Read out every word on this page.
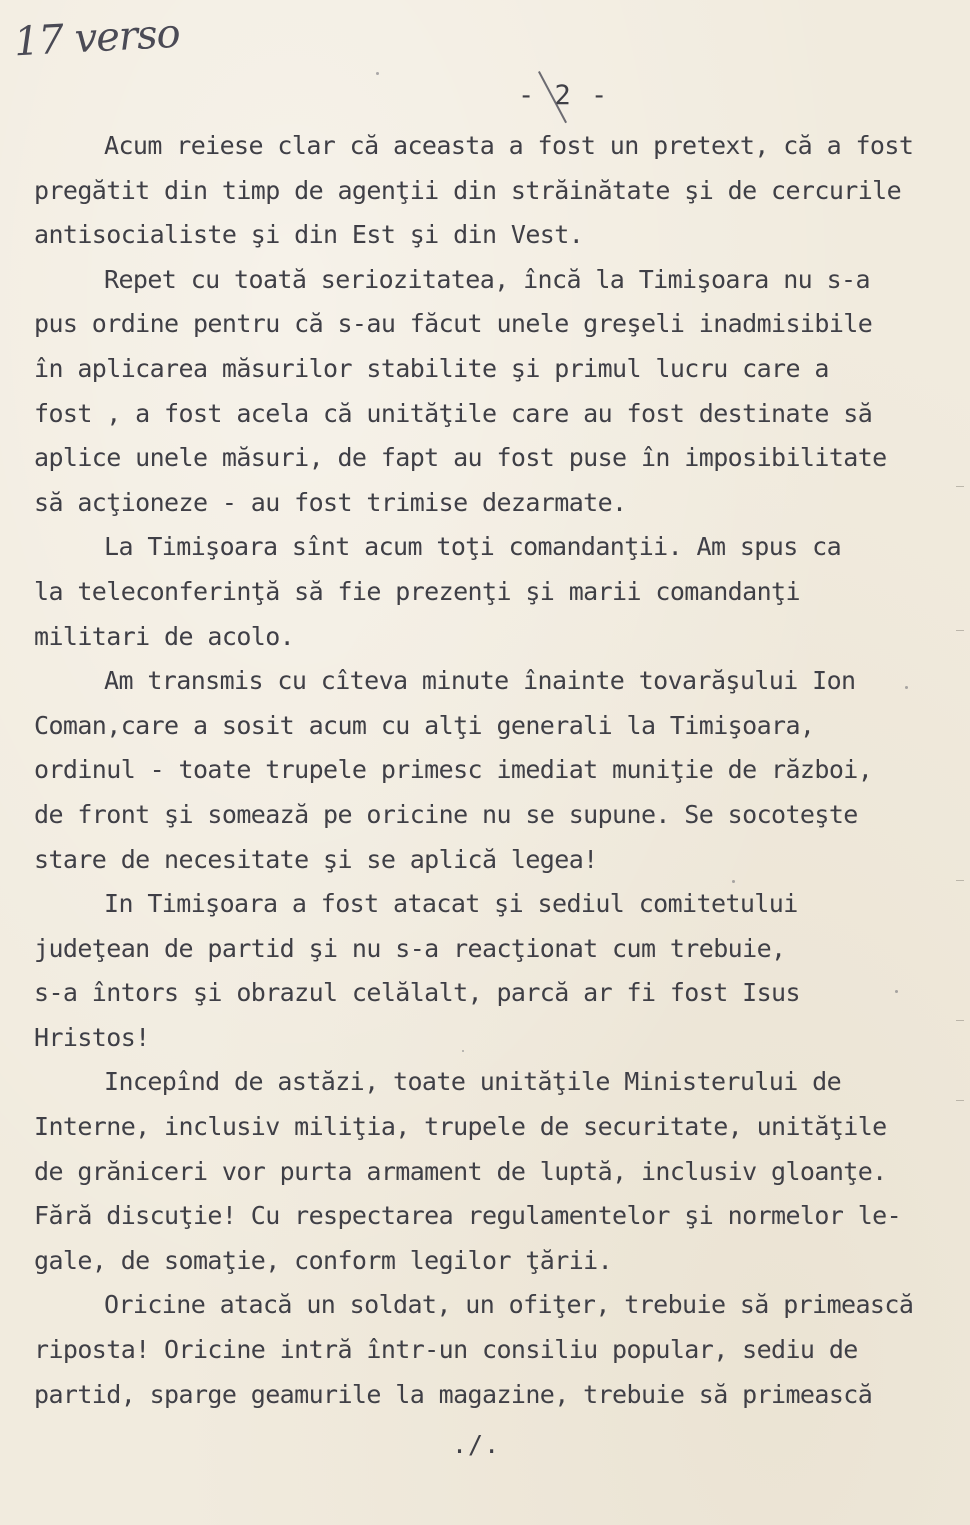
17 verso
- 2 -
Acum reiese clar că aceasta a fost un pretext, că a fost
pregătit din timp de agenţii din străinătate şi de cercurile
antisocialiste şi din Est şi din Vest.
Repet cu toată seriozitatea, încă la Timişoara nu s-a
pus ordine pentru că s-au făcut unele greşeli inadmisibile
în aplicarea măsurilor stabilite şi primul lucru care a
fost , a fost acela că unităţile care au fost destinate să
aplice unele măsuri, de fapt au fost puse în imposibilitate
să acţioneze - au fost trimise dezarmate.
La Timişoara sînt acum toţi comandanţii. Am spus ca
la teleconferinţă să fie prezenţi şi marii comandanţi
militari de acolo.
Am transmis cu cîteva minute înainte tovarăşului Ion
Coman,care a sosit acum cu alţi generali la Timişoara,
ordinul - toate trupele primesc imediat muniţie de război,
de front şi somează pe oricine nu se supune. Se socoteşte
stare de necesitate şi se aplică legea!
In Timişoara a fost atacat şi sediul comitetului
judeţean de partid şi nu s-a reacţionat cum trebuie,
s-a întors şi obrazul celălalt, parcă ar fi fost Isus
Hristos!
Incepînd de astăzi, toate unităţile Ministerului de
Interne, inclusiv miliţia, trupele de securitate, unităţile
de grăniceri vor purta armament de luptă, inclusiv gloanţe.
Fără discuţie! Cu respectarea regulamentelor şi normelor le-
gale, de somaţie, conform legilor ţării.
Oricine atacă un soldat, un ofiţer, trebuie să primească
riposta! Oricine intră într-un consiliu popular, sediu de
partid, sparge geamurile la magazine, trebuie să primească
./.
